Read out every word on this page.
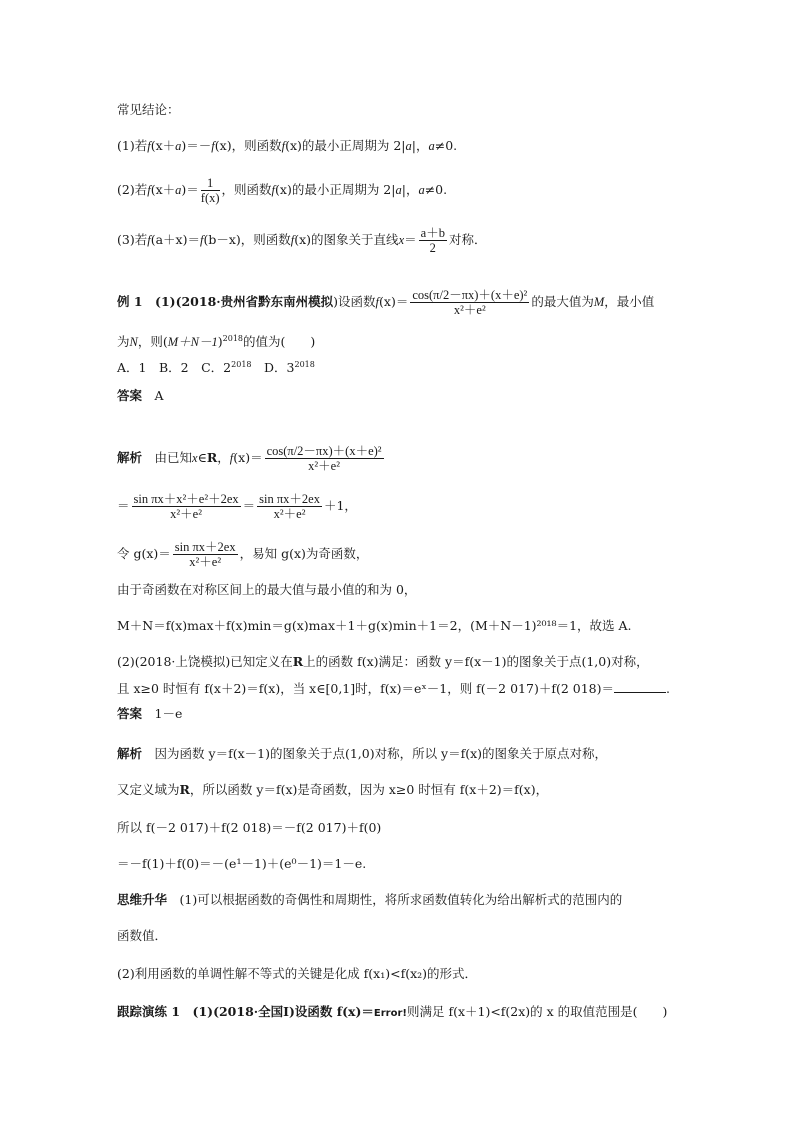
常见结论：
(1)若f(x＋a)＝－f(x)，则函数f(x)的最小正周期为 2|a|，a≠0.
(2)若$f(x+a)= \frac{1}{f(x)}$ ，则函数f(x)的最小正周期为 2|a|，a≠0.
(3)若f(a＋x)＝f(b－x)，则函数f(x)的图象关于直线$x= \frac{a+b}{2}$ 对称．
例 1　(1)(2018·贵州省黔东南州模拟)设函数$f(x)= \frac{\text{cos(π/2－πx)＋(x＋e)²}}{\text{x²＋e²}}$ 的最大值为M，最小值
为N，则$(M+N-1)^{2018}$的值为(　　)
A．1　B．2　C．$2^{2018}$　D．$3^{2018}$
答案　 A
解析　 由已知x∈R，$f(x)= \frac{\text{cos(π/2－πx)＋(x＋e)²}}{\text{x²＋e²}}$
＝ $\frac{\text{sin πx＋x²＋e²＋2ex}}{\text{x²＋e²}} = \frac{\text{sin πx＋2ex}}{\text{x²＋e²}} +1$，
令 $g(x)= \frac{\text{sin πx＋2ex}}{\text{x²＋e²}}$ ，易知 g(x)为奇函数，
由于奇函数在对称区间上的最大值与最小值的和为 0，
M＋N＝f(x)max＋f(x)min＝g(x)max＋1＋g(x)min＋1＝2，(M＋N－1)²⁰¹⁸＝1，故选 A.
(2)(2018·上饶模拟)已知定义在R上的函数 f(x)满足：函数 y＝f(x－1)的图象关于点(1,0)对称，
且 x≥0 时恒有 f(x＋2)＝f(x)，当 x∈[0,1]时，f(x)＝eˣ－1，则 f(－2 017)＋f(2 018)＝	.
答案　 1－e
解析　 因为函数 y＝f(x－1)的图象关于点(1,0)对称，所以 y＝f(x)的图象关于原点对称，
又定义域为R，所以函数 y＝f(x)是奇函数，因为 x≥0 时恒有 f(x＋2)＝f(x)，
所以 f(－2 017)＋f(2 018)＝－f(2 017)＋f(0)
＝－f(1)＋f(0)＝－(e¹－1)＋(e⁰－1)＝1－e.
思维升华　 (1)可以根据函数的奇偶性和周期性，将所求函数值转化为给出解析式的范围内的
函数值．
(2)利用函数的单调性解不等式的关键是化成 f(x₁)<f(x₂)的形式．
跟踪演练 1　(1)(2018·全国Ⅰ)设函数 f(x)＝Error!则满足 f(x＋1)<f(2x)的 x 的取值范围是(　　)
